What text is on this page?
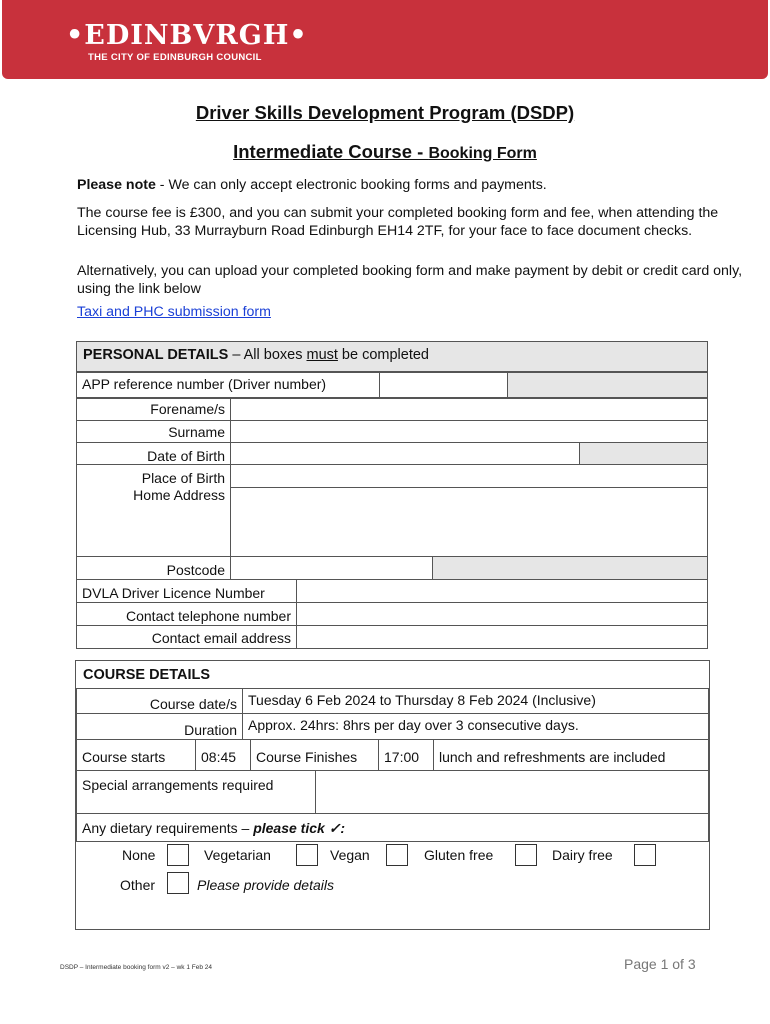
•EDINBVRGH•
THE CITY OF EDINBURGH COUNCIL
Driver Skills Development Program (DSDP)
Intermediate Course - Booking Form
Please note - We can only accept electronic booking forms and payments.
The course fee is £300, and you can submit your completed booking form and fee, when attending the Licensing Hub, 33 Murrayburn Road Edinburgh EH14 2TF, for your face to face document checks.
Alternatively, you can upload your completed booking form and make payment by debit or credit card only, using the link below
Taxi and PHC submission form
PERSONAL DETAILS – All boxes must be completed
APP reference number (Driver number)
Forename/s
Surname
Date of Birth
Place of Birth
Home Address
Postcode
DVLA Driver Licence Number
Contact telephone number
Contact email address
COURSE DETAILS
Course date/s Tuesday 6 Feb 2024 to Thursday 8 Feb 2024 (Inclusive)
Duration Approx. 24hrs: 8hrs per day over 3 consecutive days.
Course starts	08:45	Course Finishes	17:00	lunch and refreshments are included
Special arrangements required
Any dietary requirements – please tick ✓:
None	Vegetarian	Vegan	Gluten free	Dairy free
Other	Please provide details
DSDP – Intermediate booking form v2 – wk 1 Feb 24	Page 1 of 3
